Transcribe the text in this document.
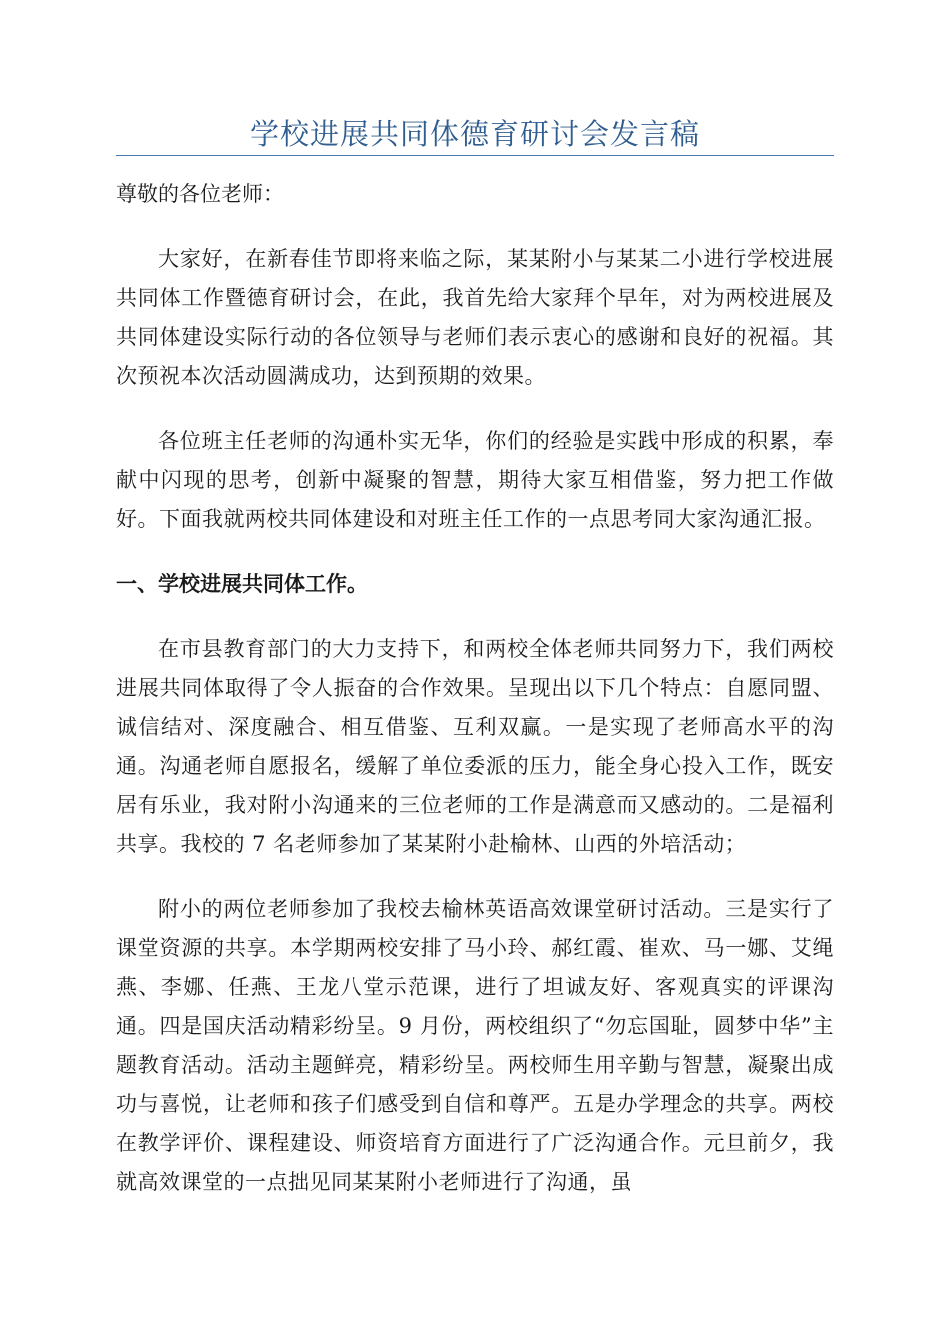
学校进展共同体德育研讨会发言稿

尊敬的各位老师：

大家好，在新春佳节即将来临之际，某某附小与某某二小进行学校进展共同体工作暨德育研讨会，在此，我首先给大家拜个早年，对为两校进展及共同体建设实际行动的各位领导与老师们表示衷心的感谢和良好的祝福。其次预祝本次活动圆满成功，达到预期的效果。

各位班主任老师的沟通朴实无华，你们的经验是实践中形成的积累，奉献中闪现的思考，创新中凝聚的智慧，期待大家互相借鉴，努力把工作做好。下面我就两校共同体建设和对班主任工作的一点思考同大家沟通汇报。

一、学校进展共同体工作。

在市县教育部门的大力支持下，和两校全体老师共同努力下，我们两校进展共同体取得了令人振奋的合作效果。呈现出以下几个特点：自愿同盟、诚信结对、深度融合、相互借鉴、互利双赢。一是实现了老师高水平的沟通。沟通老师自愿报名，缓解了单位委派的压力，能全身心投入工作，既安居有乐业，我对附小沟通来的三位老师的工作是满意而又感动的。二是福利共享。我校的 7 名老师参加了某某附小赴榆林、山西的外培活动；

附小的两位老师参加了我校去榆林英语高效课堂研讨活动。三是实行了课堂资源的共享。本学期两校安排了马小玲、郝红霞、崔欢、马一娜、艾绳燕、李娜、任燕、王龙八堂示范课，进行了坦诚友好、客观真实的评课沟通。四是国庆活动精彩纷呈。9 月份，两校组织了“勿忘国耻，圆梦中华”主题教育活动。活动主题鲜亮，精彩纷呈。两校师生用辛勤与智慧，凝聚出成功与喜悦，让老师和孩子们感受到自信和尊严。五是办学理念的共享。两校在教学评价、课程建设、师资培育方面进行了广泛沟通合作。元旦前夕，我就高效课堂的一点拙见同某某附小老师进行了沟通，虽
